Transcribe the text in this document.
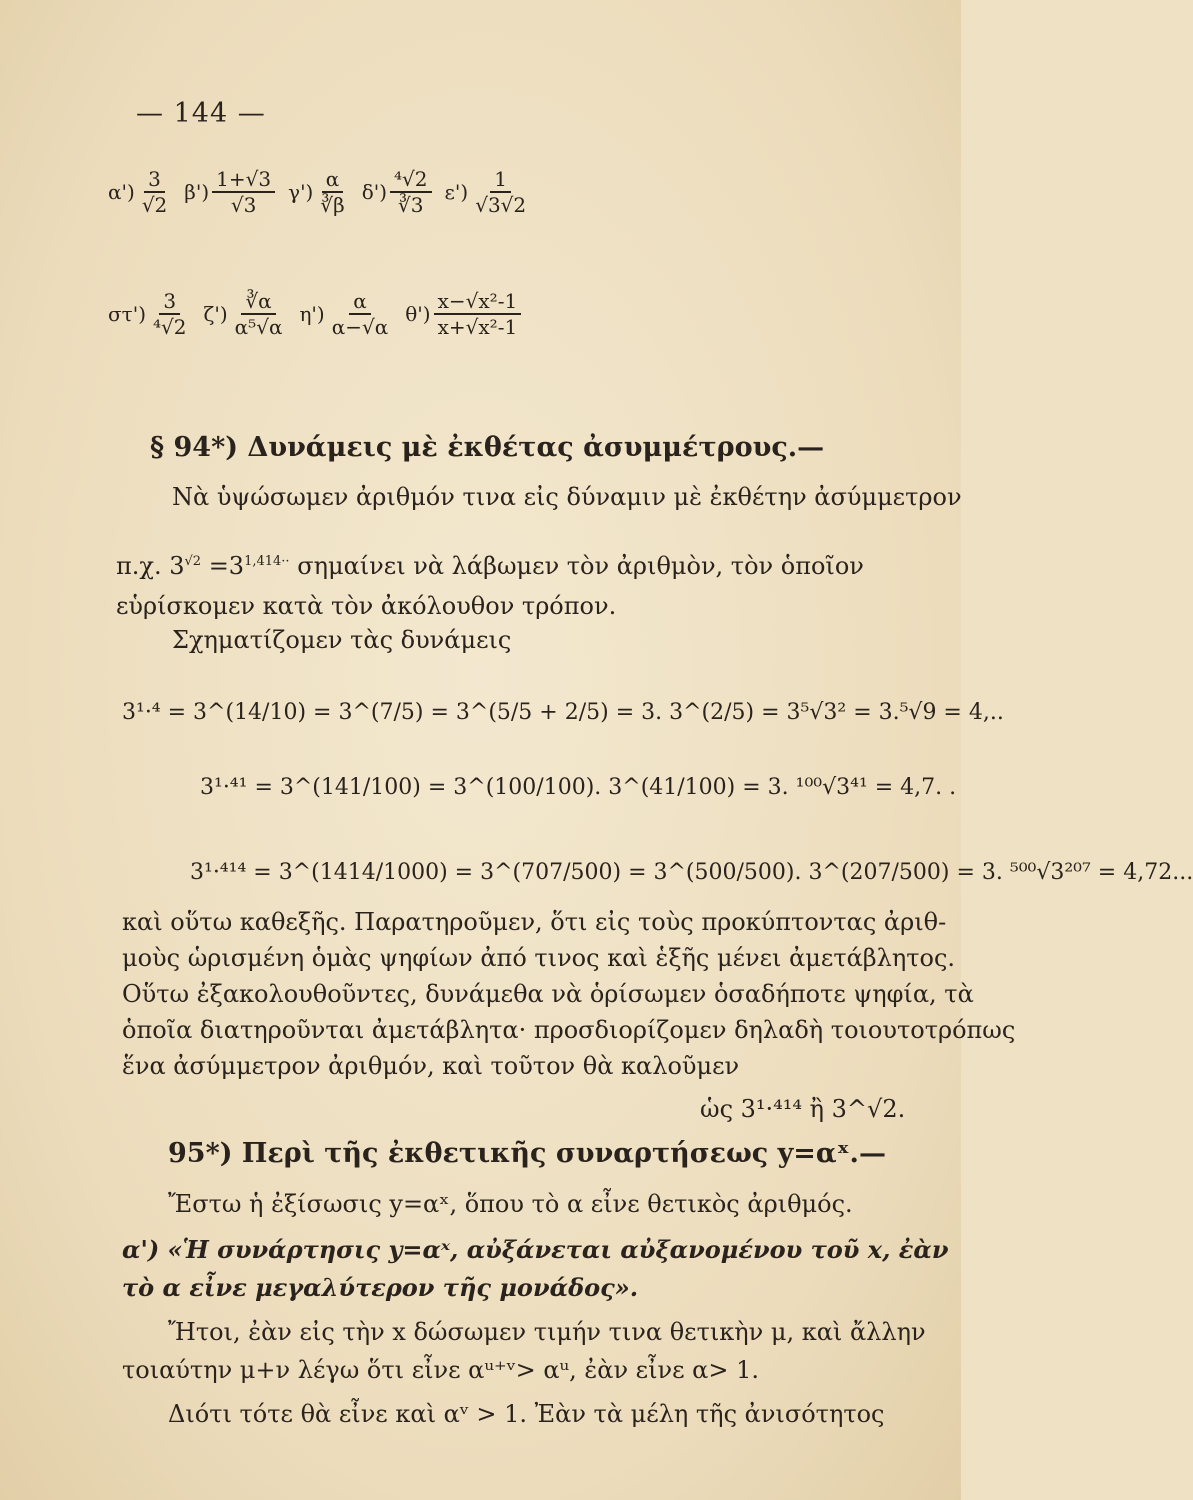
— 144 —
$\alpha') \frac{3}{√2} \beta') \frac{1+√3}{√3} \gamma') \frac{\alpha}{∛\beta} \delta') \frac{\text{⁴√2}}{∛3} \varepsilon') \frac{1}{√3√2}$
$\sigma\tau') \frac{3}{\text{⁴√2}} \zeta') \frac{∛\alpha}{\text{α⁵√α}} \eta') \frac{\alpha}{\alpha-√\alpha} \theta') \frac{\text{x−√x²-1}}{\text{x+√x²-1}}$
§ 94*) Δυνάμεις μὲ ἐκθέτας ἀσυμμέτρους.—
Νὰ ὑψώσωμεν ἀριθμόν τινα εἰς δύναμιν μὲ ἐκθέτην ἀσύμμετρον
π.χ. $3^{√2} =3^{1,414\cdot\cdot}$ σημαίνει νὰ λάβωμεν τὸν ἀριθμὸν, τὸν ὁποῖον
εὑρίσκομεν κατὰ τὸν ἀκόλουθον τρόπον.
Σχηματίζομεν τὰς δυνάμεις
3¹·⁴ = 3^(14/10) = 3^(7/5) = 3^(5/5 + 2/5) = 3. 3^(2/5) = 3⁵√3² = 3.⁵√9 = 4,..
3¹·⁴¹ = 3^(141/100) = 3^(100/100). 3^(41/100) = 3. ¹⁰⁰√3⁴¹ = 4,7. .
3¹·⁴¹⁴ = 3^(1414/1000) = 3^(707/500) = 3^(500/500). 3^(207/500) = 3. ⁵⁰⁰√3²⁰⁷ = 4,72...
καὶ οὕτω καθεξῆς. Παρατηροῦμεν, ὅτι εἰς τοὺς προκύπτοντας ἀριθ-
μοὺς ὡρισμένη ὁμὰς ψηφίων ἀπό τινος καὶ ἑξῆς μένει ἀμετάβλητος.
Οὕτω ἐξακολουθοῦντες, δυνάμεθα νὰ ὁρίσωμεν ὁσαδήποτε ψηφία, τὰ
ὁποῖα διατηροῦνται ἀμετάβλητα· προσδιορίζομεν δηλαδὴ τοιουτοτρόπως
ἕνα ἀσύμμετρον ἀριθμόν, καὶ τοῦτον θὰ καλοῦμεν
ὡς 3¹·⁴¹⁴ ἢ 3^√2.
95*) Περὶ τῆς ἐκθετικῆς συναρτήσεως y=αˣ.—
Ἔστω ἡ ἐξίσωσις y=αˣ, ὅπου τὸ α εἶνε θετικὸς ἀριθμός.
α') «Ἡ συνάρτησις y=αˣ, αὐξάνεται αὐξανομένου τοῦ x, ἐὰν
τὸ α εἶνε μεγαλύτερον τῆς μονάδος».
Ἤτοι, ἐὰν εἰς τὴν x δώσωμεν τιμήν τινα θετικὴν μ, καὶ ἄλλην
τοιαύτην μ+ν λέγω ὅτι εἶνε αᵘ⁺ᵛ> αᵘ, ἐὰν εἶνε α> 1.
Διότι τότε θὰ εἶνε καὶ αᵛ > 1. Ἐὰν τὰ μέλη τῆς ἀνισότητος
